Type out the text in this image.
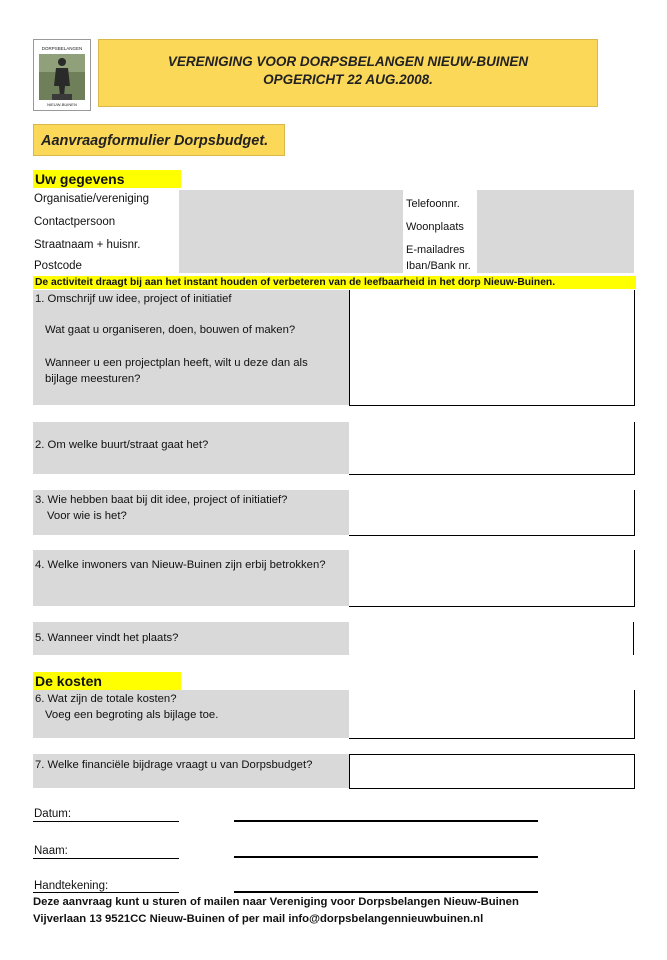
DORPSBELANGEN
NIEUW-BUINEN
VERENIGING VOOR DORPSBELANGEN NIEUW-BUINEN
OPGERICHT 22 AUG.2008.
Aanvraagformulier Dorpsbudget.
Uw gegevens
Organisatie/vereniging
Contactpersoon
Straatnaam + huisnr.
Postcode
Telefoonnr.
Woonplaats
E-mailadres
Iban/Bank nr.
De activiteit draagt bij aan het instant houden of verbeteren van de leefbaarheid in het dorp Nieuw-Buinen.
1. Omschrijf uw idee, project of initiatief
Wat gaat u organiseren, doen, bouwen of maken?
Wanneer u een projectplan heeft, wilt u deze dan als
bijlage meesturen?
2. Om welke buurt/straat gaat het?
3. Wie hebben baat bij dit idee, project of initiatief?
Voor wie is het?
4. Welke inwoners van Nieuw-Buinen zijn erbij betrokken?
5. Wanneer vindt het plaats?
De kosten
6. Wat zijn de totale kosten?
Voeg een begroting als bijlage toe.
7. Welke financiële bijdrage vraagt u van Dorpsbudget?
Datum:
Naam:
Handtekening:
Deze aanvraag kunt u sturen of mailen naar Vereniging voor Dorpsbelangen Nieuw-Buinen
Vijverlaan 13 9521CC Nieuw-Buinen of per mail info@dorpsbelangennieuwbuinen.nl
